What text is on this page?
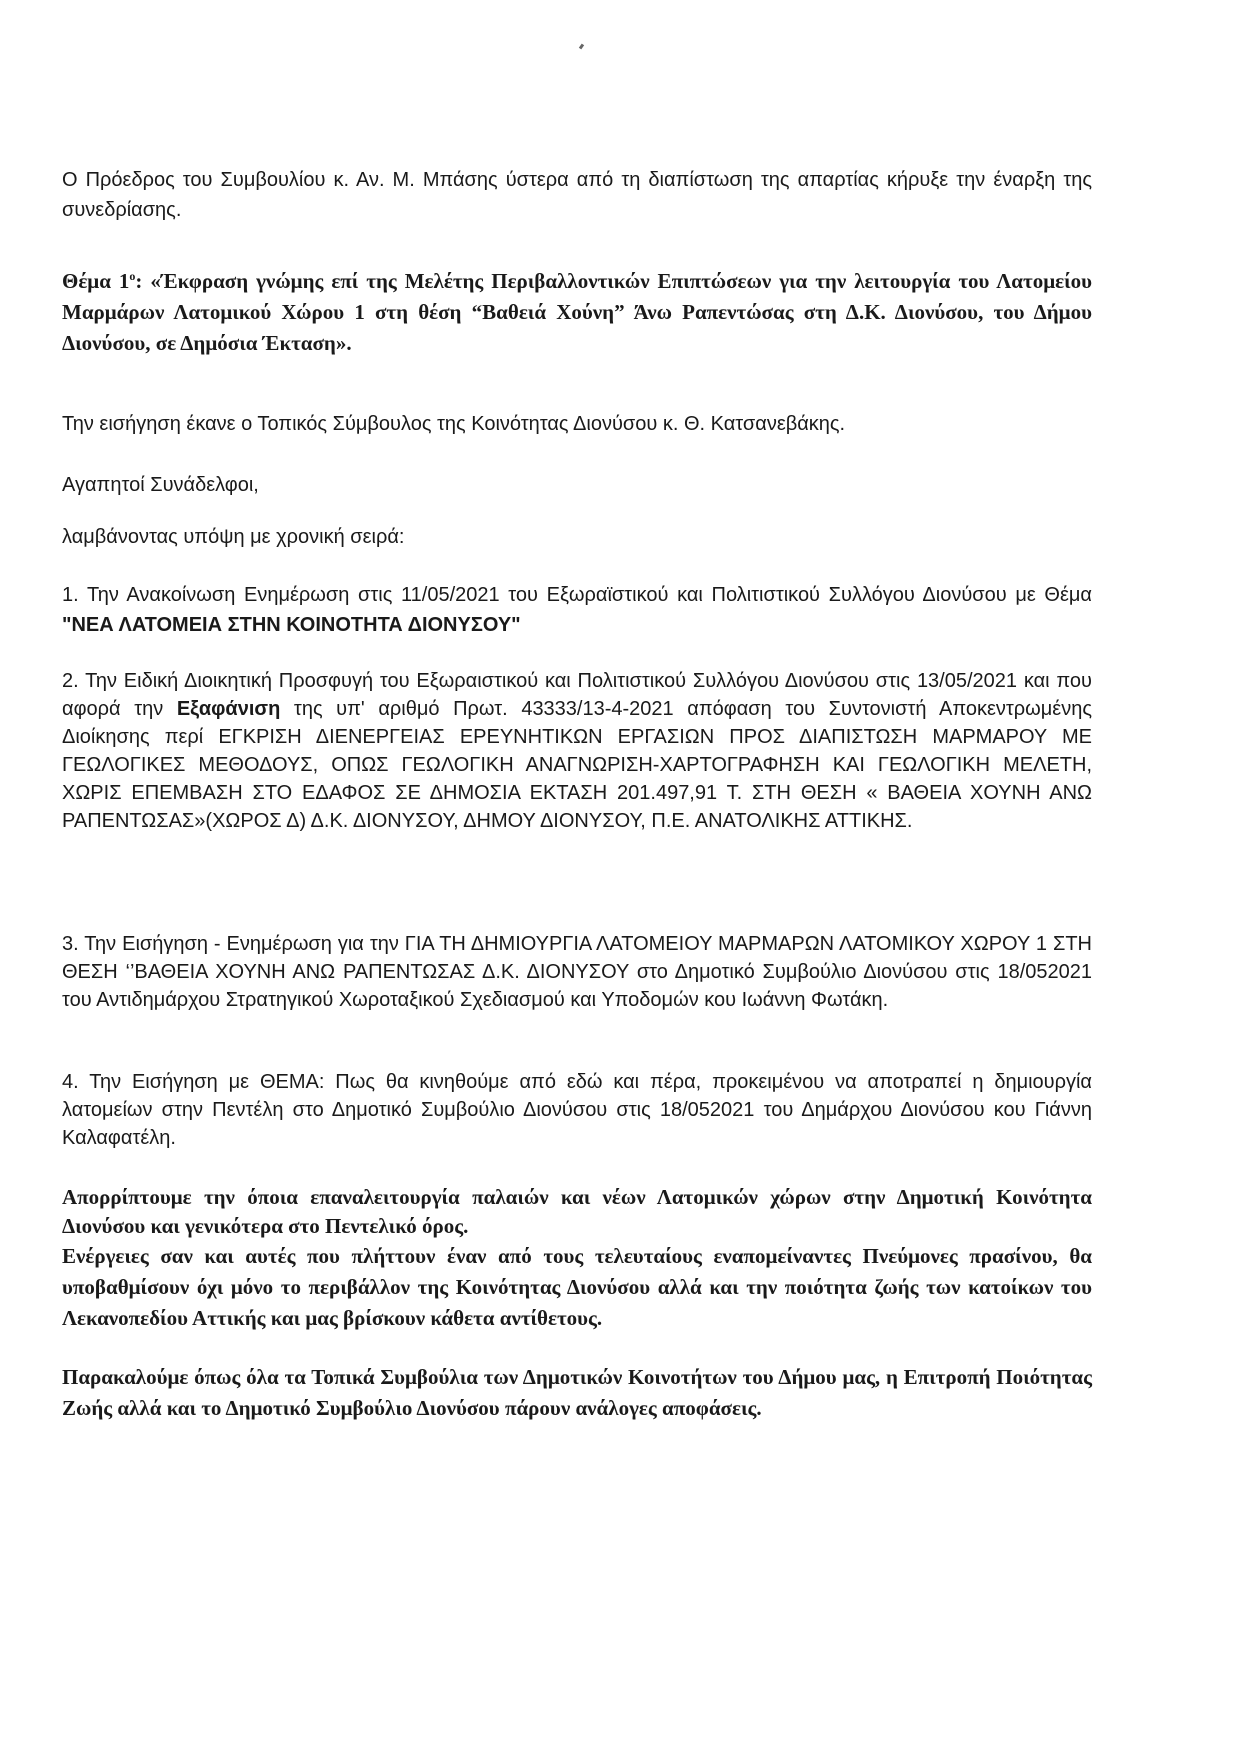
Ο Πρόεδρος του Συμβουλίου κ. Αν. Μ. Μπάσης ύστερα από τη διαπίστωση της απαρτίας κήρυξε την έναρξη της συνεδρίασης.
Θέμα $1^o$: «Έκφραση γνώμης επί της Μελέτης Περιβαλλοντικών Επιπτώσεων για την λειτουργία του Λατομείου Μαρμάρων Λατομικού Χώρου 1 στη θέση “Βαθειά Χούνη” Άνω Ραπεντώσας στη Δ.Κ. Διονύσου, του Δήμου Διονύσου, σε Δημόσια Έκταση».
Την εισήγηση έκανε ο Τοπικός Σύμβουλος της Κοινότητας Διονύσου κ. Θ. Κατσανεβάκης.
Αγαπητοί Συνάδελφοι,
λαμβάνοντας υπόψη με χρονική σειρά:
1. Την Ανακοίνωση Ενημέρωση στις 11/05/2021 του Εξωραϊστικού και Πολιτιστικού Συλλόγου Διονύσου με Θέμα "ΝΕΑ ΛΑΤΟΜΕΙΑ ΣΤΗΝ ΚΟΙΝΟΤΗΤΑ ΔΙΟΝΥΣΟΥ"
2. Την Ειδική Διοικητική Προσφυγή του Εξωραιστικού και Πολιτιστικού Συλλόγου Διονύσου στις 13/05/2021 και που αφορά την Εξαφάνιση της υπ' αριθμό Πρωτ. 43333/13-4-2021 απόφαση του Συντονιστή Αποκεντρωμένης Διοίκησης περί ΕΓΚΡΙΣΗ ΔΙΕΝΕΡΓΕΙΑΣ ΕΡΕΥΝΗΤΙΚΩΝ ΕΡΓΑΣΙΩΝ ΠΡΟΣ ΔΙΑΠΙΣΤΩΣΗ ΜΑΡΜΑΡΟΥ ΜΕ ΓΕΩΛΟΓΙΚΕΣ ΜΕΘΟΔΟΥΣ, ΟΠΩΣ ΓΕΩΛΟΓΙΚΗ ΑΝΑΓΝΩΡΙΣΗ-ΧΑΡΤΟΓΡΑΦΗΣΗ ΚΑΙ ΓΕΩΛΟΓΙΚΗ ΜΕΛΕΤΗ, ΧΩΡΙΣ ΕΠΕΜΒΑΣΗ ΣΤΟ ΕΔΑΦΟΣ ΣΕ ΔΗΜΟΣΙΑ ΕΚΤΑΣΗ 201.497,91 Τ. ΣΤΗ ΘΕΣΗ « ΒΑΘΕΙΑ ΧΟΥΝΗ ΑΝΩ ΡΑΠΕΝΤΩΣΑΣ»(ΧΩΡΟΣ Δ) Δ.Κ. ΔΙΟΝΥΣΟΥ, ΔΗΜΟΥ ΔΙΟΝΥΣΟΥ, Π.Ε. ΑΝΑΤΟΛΙΚΗΣ ΑΤΤΙΚΗΣ.
3. Την Εισήγηση - Ενημέρωση για την ΓΙΑ ΤΗ ΔΗΜΙΟΥΡΓΙΑ ΛΑΤΟΜΕΙΟΥ ΜΑΡΜΑΡΩΝ ΛΑΤΟΜΙΚΟΥ ΧΩΡΟΥ 1 ΣΤΗ ΘΕΣΗ ‘’ΒΑΘΕΙΑ ΧΟΥΝΗ ΑΝΩ ΡΑΠΕΝΤΩΣΑΣ Δ.Κ. ΔΙΟΝΥΣΟΥ στο Δημοτικό Συμβούλιο Διονύσου στις 18/052021 του Αντιδημάρχου Στρατηγικού Χωροταξικού Σχεδιασμού και Υποδομών κου Ιωάννη Φωτάκη.
4. Την Εισήγηση με ΘΕΜΑ: Πως θα κινηθούμε από εδώ και πέρα, προκειμένου να αποτραπεί η δημιουργία λατομείων στην Πεντέλη στο Δημοτικό Συμβούλιο Διονύσου στις 18/052021 του Δημάρχου Διονύσου κου Γιάννη Καλαφατέλη.
Απορρίπτουμε την όποια επαναλειτουργία παλαιών και νέων Λατομικών χώρων στην Δημοτική Κοινότητα Διονύσου και γενικότερα στο Πεντελικό όρος.
Ενέργειες σαν και αυτές που πλήττουν έναν από τους τελευταίους εναπομείναντες Πνεύμονες πρασίνου, θα υποβαθμίσουν όχι μόνο το περιβάλλον της Κοινότητας Διονύσου αλλά και την ποιότητα ζωής των κατοίκων του Λεκανοπεδίου Αττικής και μας βρίσκουν κάθετα αντίθετους.
Παρακαλούμε όπως όλα τα Τοπικά Συμβούλια των Δημοτικών Κοινοτήτων του Δήμου μας, η Επιτροπή Ποιότητας Ζωής αλλά και το Δημοτικό Συμβούλιο Διονύσου πάρουν ανάλογες αποφάσεις.
